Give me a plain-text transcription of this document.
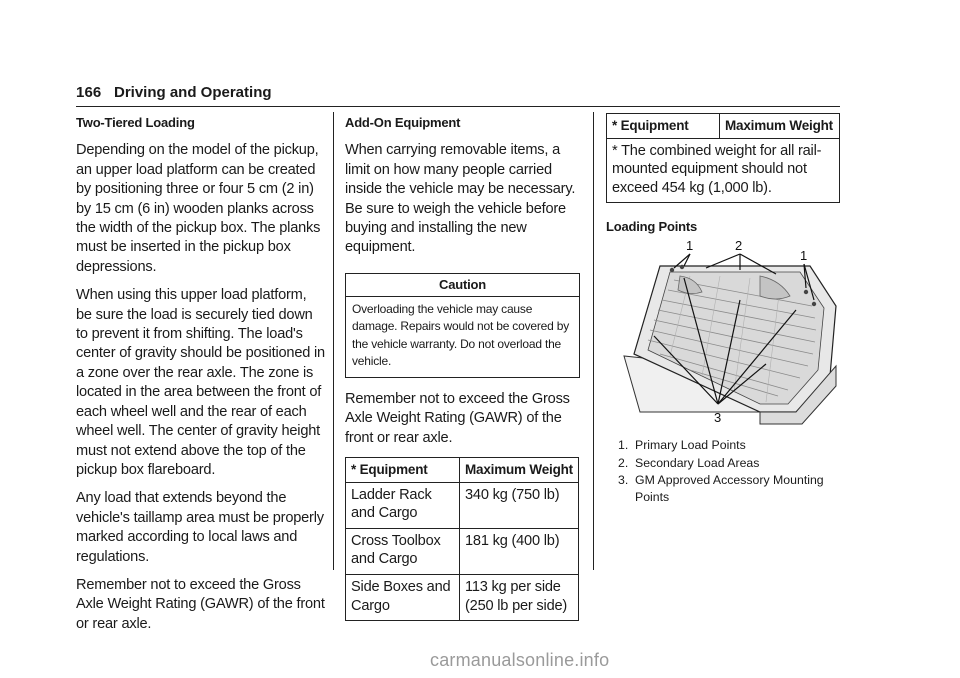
166 Driving and Operating
Two-Tiered Loading

Depending on the model of the pickup, an upper load platform can be created by positioning three or four 5 cm (2 in) by 15 cm (6 in) wooden planks across the width of the pickup box. The planks must be inserted in the pickup box depressions.

When using this upper load platform, be sure the load is securely tied down to prevent it from shifting. The load's center of gravity should be positioned in a zone over the rear axle. The zone is located in the area between the front of each wheel well and the rear of each wheel well. The center of gravity height must not extend above the top of the pickup box flareboard.

Any load that extends beyond the vehicle's taillamp area must be properly marked according to local laws and regulations.

Remember not to exceed the Gross Axle Weight Rating (GAWR) of the front or rear axle.

Add-On Equipment

When carrying removable items, a limit on how many people carried inside the vehicle may be necessary. Be sure to weigh the vehicle before buying and installing the new equipment.

Caution
Overloading the vehicle may cause damage. Repairs would not be covered by the vehicle warranty. Do not overload the vehicle.

Remember not to exceed the Gross Axle Weight Rating (GAWR) of the front or rear axle.

* Equipment	Maximum Weight
Ladder Rack and Cargo	340 kg (750 lb)
Cross Toolbox and Cargo	181 kg (400 lb)
Side Boxes and Cargo	113 kg per side (250 lb per side)
* Equipment	Maximum Weight
* The combined weight for all rail-mounted equipment should not exceed 454 kg (1,000 lb).
Loading Points
1	2
1
3
1. Primary Load Points
2. Secondary Load Areas
3. GM Approved Accessory Mounting Points
carmanualsonline.info
